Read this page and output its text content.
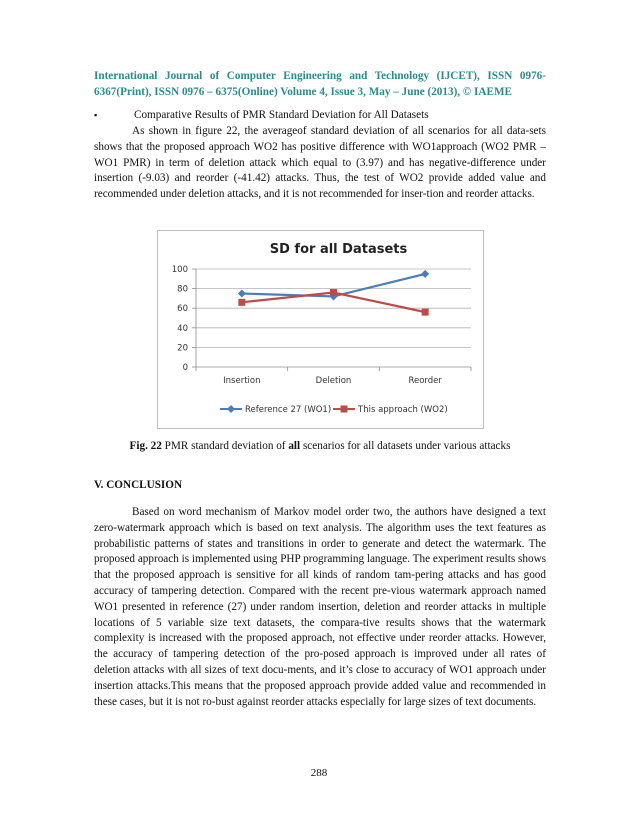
International Journal of Computer Engineering and Technology (IJCET), ISSN 0976-6367(Print), ISSN 0976 – 6375(Online) Volume 4, Issue 3, May – June (2013), © IAEME
▪	Comparative Results of PMR Standard Deviation for All Datasets
As shown in figure 22, the averageof standard deviation of all scenarios for all data-sets shows that the proposed approach WO2 has positive difference with WO1approach (WO2 PMR – WO1 PMR) in term of deletion attack which equal to (3.97) and has negative-difference under insertion (-9.03) and reorder (-41.42) attacks. Thus, the test of WO2 provide added value and recommended under deletion attacks, and it is not recommended for inser-tion and reorder attacks.
SD for all Datasets
0
20
40
60
80
100
Insertion	Deletion	Reorder
Reference 27 (WO1)	This approach (WO2)
Fig. 22 PMR standard deviation of all scenarios for all datasets under various attacks
V. CONCLUSION
Based on word mechanism of Markov model order two, the authors have designed a text zero-watermark approach which is based on text analysis. The algorithm uses the text features as probabilistic patterns of states and transitions in order to generate and detect the watermark. The proposed approach is implemented using PHP programming language. The experiment results shows that the proposed approach is sensitive for all kinds of random tam-pering attacks and has good accuracy of tampering detection. Compared with the recent pre-vious watermark approach named WO1 presented in reference (27) under random insertion, deletion and reorder attacks in multiple locations of 5 variable size text datasets, the compara-tive results shows that the watermark complexity is increased with the proposed approach, not effective under reorder attacks. However, the accuracy of tampering detection of the pro-posed approach is improved under all rates of deletion attacks with all sizes of text docu-ments, and it’s close to accuracy of WO1 approach under insertion attacks.This means that the proposed approach provide added value and recommended in these cases, but it is not ro-bust against reorder attacks especially for large sizes of text documents.
288
